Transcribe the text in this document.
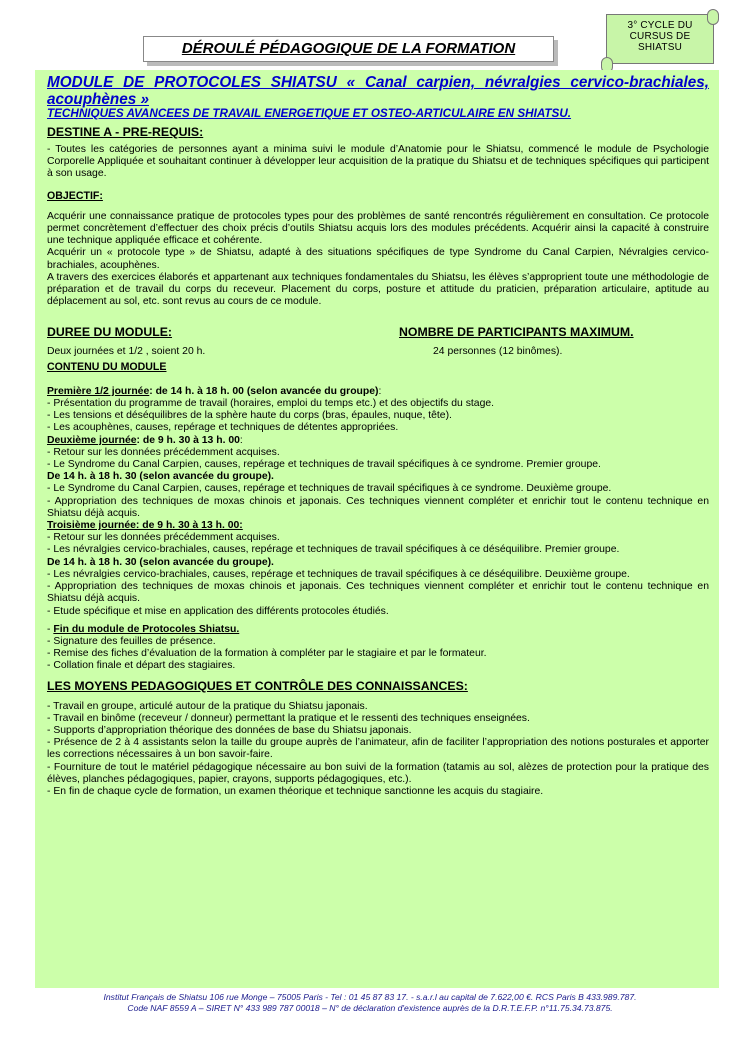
3° CYCLE DU
CURSUS DE
SHIATSU
DÉROULÉ PÉDAGOGIQUE DE LA FORMATION
MODULE DE PROTOCOLES SHIATSU « Canal carpien, névralgies cervico-brachiales, acouphènes »
TECHNIQUES AVANCEES DE TRAVAIL ENERGETIQUE ET OSTEO-ARTICULAIRE EN SHIATSU.
DESTINE A - PRE-REQUIS:

- Toutes les catégories de personnes ayant a minima suivi le module d’Anatomie pour le Shiatsu, commencé le module de Psychologie Corporelle Appliquée et souhaitant continuer à développer leur acquisition de la pratique du Shiatsu et de techniques spécifiques qui participent à son usage.

OBJECTIF:

Acquérir une connaissance pratique de protocoles types pour des problèmes de santé rencontrés régulièrement en consultation. Ce protocole permet concrètement d’effectuer des choix précis d’outils Shiatsu acquis lors des modules précédents. Acquérir ainsi la capacité à construire une technique appliquée efficace et cohérente.

Acquérir un « protocole type » de Shiatsu, adapté à des situations spécifiques de type Syndrome du Canal Carpien, Névralgies cervico-brachiales, acouphènes.

A travers des exercices élaborés et appartenant aux techniques fondamentales du Shiatsu, les élèves s’approprient toute une méthodologie de préparation et de travail du corps du receveur. Placement du corps, posture et attitude du praticien, préparation articulaire, aptitude au déplacement au sol, etc. sont revus au cours de ce module.

DUREE DU MODULE:	NOMBRE DE PARTICIPANTS MAXIMUM.
Deux journées et 1/2 , soient 20 h.	24 personnes (12 binômes).
CONTENU DU MODULE
Première 1/2 journée: de 14 h. à 18 h. 00 (selon avancée du groupe):

- Présentation du programme de travail (horaires, emploi du temps etc.) et des objectifs du stage.

- Les tensions et déséquilibres de la sphère haute du corps (bras, épaules, nuque, tête).

- Les acouphènes, causes, repérage et techniques de détentes appropriées.

Deuxième journée: de 9 h. 30 à 13 h. 00:

- Retour sur les données précédemment acquises.

- Le Syndrome du Canal Carpien, causes, repérage et techniques de travail spécifiques à ce syndrome. Premier groupe.

De 14 h. à 18 h. 30 (selon avancée du groupe).

- Le Syndrome du Canal Carpien, causes, repérage et techniques de travail spécifiques à ce syndrome. Deuxième groupe.

- Appropriation des techniques de moxas chinois et japonais. Ces techniques viennent compléter et enrichir tout le contenu technique en Shiatsu déjà acquis.

Troisième journée: de 9 h. 30 à 13 h. 00:

- Retour sur les données précédemment acquises.

- Les névralgies cervico-brachiales, causes, repérage et techniques de travail spécifiques à ce déséquilibre. Premier groupe.

De 14 h. à 18 h. 30 (selon avancée du groupe).

- Les névralgies cervico-brachiales, causes, repérage et techniques de travail spécifiques à ce déséquilibre. Deuxième groupe.

- Appropriation des techniques de moxas chinois et japonais. Ces techniques viennent compléter et enrichir tout le contenu technique en Shiatsu déjà acquis.

- Etude spécifique et mise en application des différents protocoles étudiés.

- Fin du module de Protocoles Shiatsu.

- Signature des feuilles de présence.

- Remise des fiches d’évaluation de la formation à compléter par le stagiaire et par le formateur.

- Collation finale et départ des stagiaires.

LES MOYENS PEDAGOGIQUES ET CONTRÔLE DES CONNAISSANCES:

- Travail en groupe, articulé autour de la pratique du Shiatsu japonais.

- Travail en binôme (receveur / donneur) permettant la pratique et le ressenti des techniques enseignées.

- Supports d’appropriation théorique des données de base du Shiatsu japonais.

- Présence de 2 à 4 assistants selon la taille du groupe auprès de l’animateur, afin de faciliter l’appropriation des notions posturales et apporter les corrections nécessaires à un bon savoir-faire.

- Fourniture de tout le matériel pédagogique nécessaire au bon suivi de la formation (tatamis au sol, alèzes de protection pour la pratique des élèves, planches pédagogiques, papier, crayons, supports pédagogiques, etc.).

- En fin de chaque cycle de formation, un examen théorique et technique sanctionne les acquis du stagiaire.

Institut Français de Shiatsu 106 rue Monge – 75005 Paris - Tel : 01 45 87 83 17. - s.a.r.l au capital de 7.622,00 €. RCS Paris B 433.989.787.
Code NAF 8559 A – SIRET N° 433 989 787 00018 – N° de déclaration d'existence auprès de la D.R.T.E.F.P. n°11.75.34.73.875.
